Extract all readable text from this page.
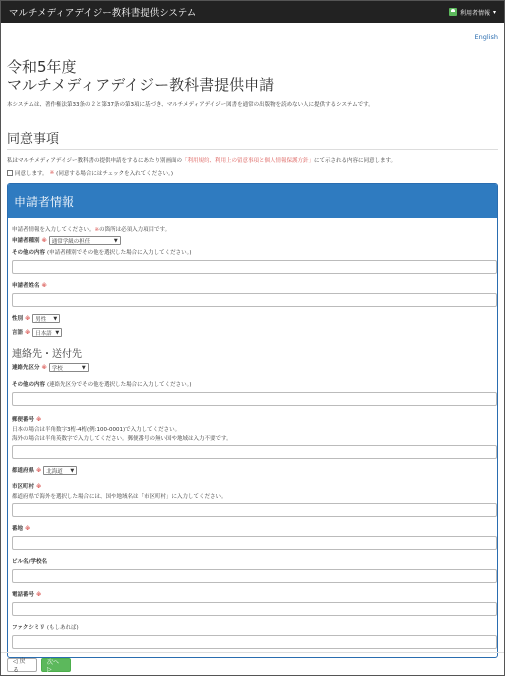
マルチメディアデイジー教科書提供システム	利用者情報 ▾
English
令和5年度
マルチメディアデイジー教科書提供申請
本システムは、著作権法第33条の２と第37条の第3項に基づき、マルチメディアデイジー図書を通常の出版物を読めない人に提供するシステムです。
同意事項
私はマルチメディアデイジー教科書の提供申請をするにあたり別画面の「利用規約、利用上の留意事項と個人情報保護方針」にて示される内容に同意します。
同意します。 ※ (同意する場合にはチェックを入れてください。)
申請者情報
申請者情報を入力してください。※の箇所は必須入力項目です。
申請者種別 ※ 通常学級の担任	▼
その他の内容 (申請者種別でその他を選択した場合に入力してください。)
申請者姓名 ※
性別 ※ 男性 ▼
言語 ※ 日本語 ▼
連絡先・送付先
連絡先区分 ※ 学校	▼
その他の内容 (連絡先区分でその他を選択した場合に入力してください。)
郵便番号 ※
日本の場合は半角数字3桁-4桁(例:100-0001)で入力してください。
海外の場合は半角英数字で入力してください。郵便番号の無い国や地域は入力不要です。
都道府県 ※ 北海道 ▼
市区町村 ※
都道府県で海外を選択した場合には、国や地域名は「市区町村」に入力してください。
番地 ※
ビル名/学校名
電話番号 ※
ファクシミリ (もしあれば)
◁ 戻る
次へ ▷
